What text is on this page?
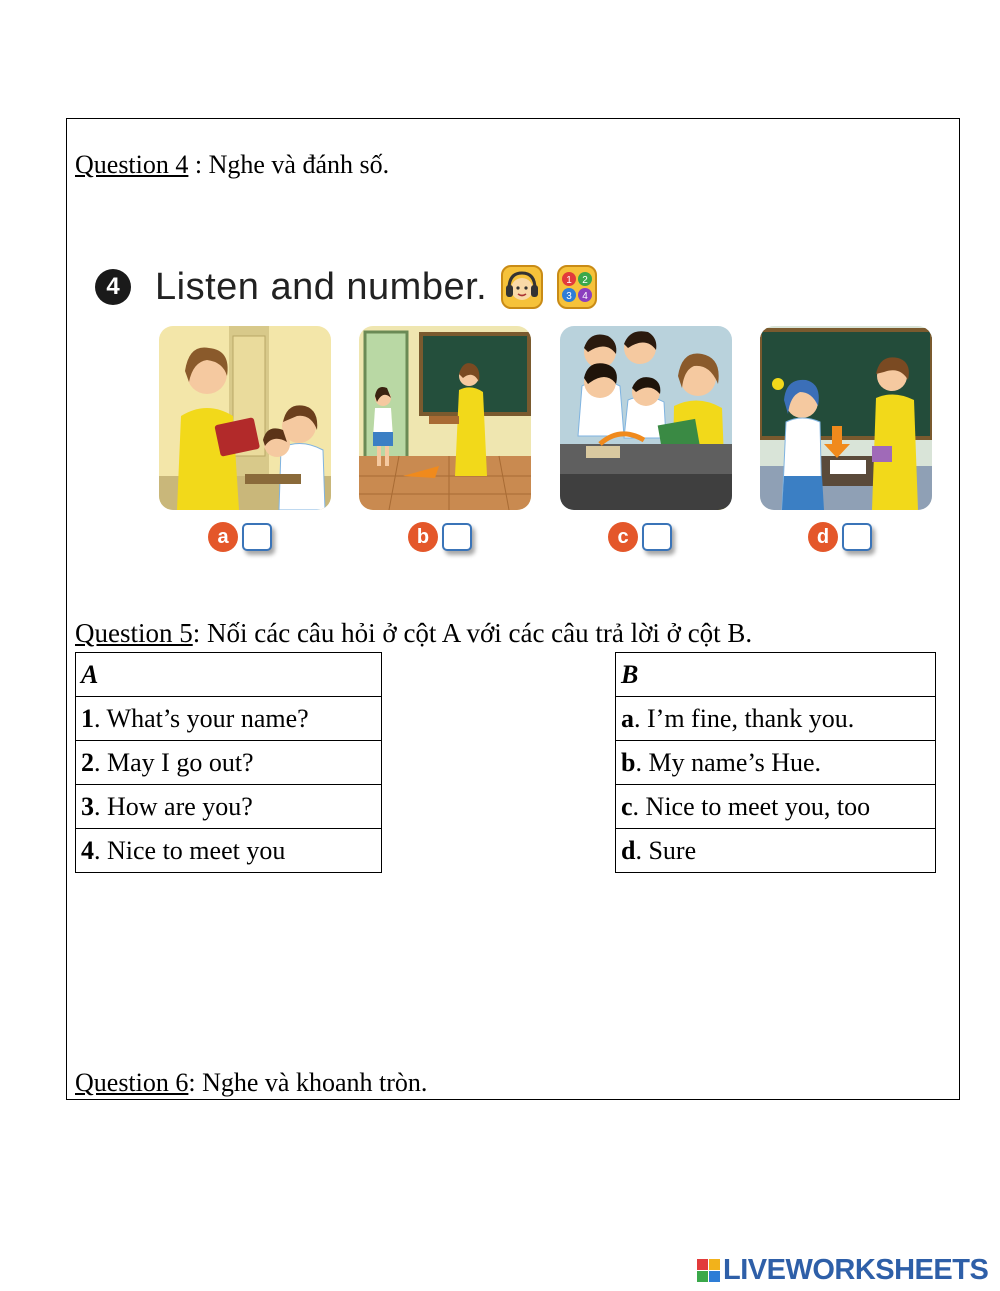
Question 4 : Nghe và đánh số.
4 Listen and number.	1 2
3 4
a	b	c	d
Question 5: Nối các câu hỏi ở cột A với các câu trả lời ở cột B.
A
1. What’s your name?
2. May I go out?
3. How are you?
4. Nice to meet you
B
a. I’m fine, thank you.
b. My name’s Hue.
c. Nice to meet you, too
d. Sure
Question 6: Nghe và khoanh tròn.
LIVEWORKSHEETS
